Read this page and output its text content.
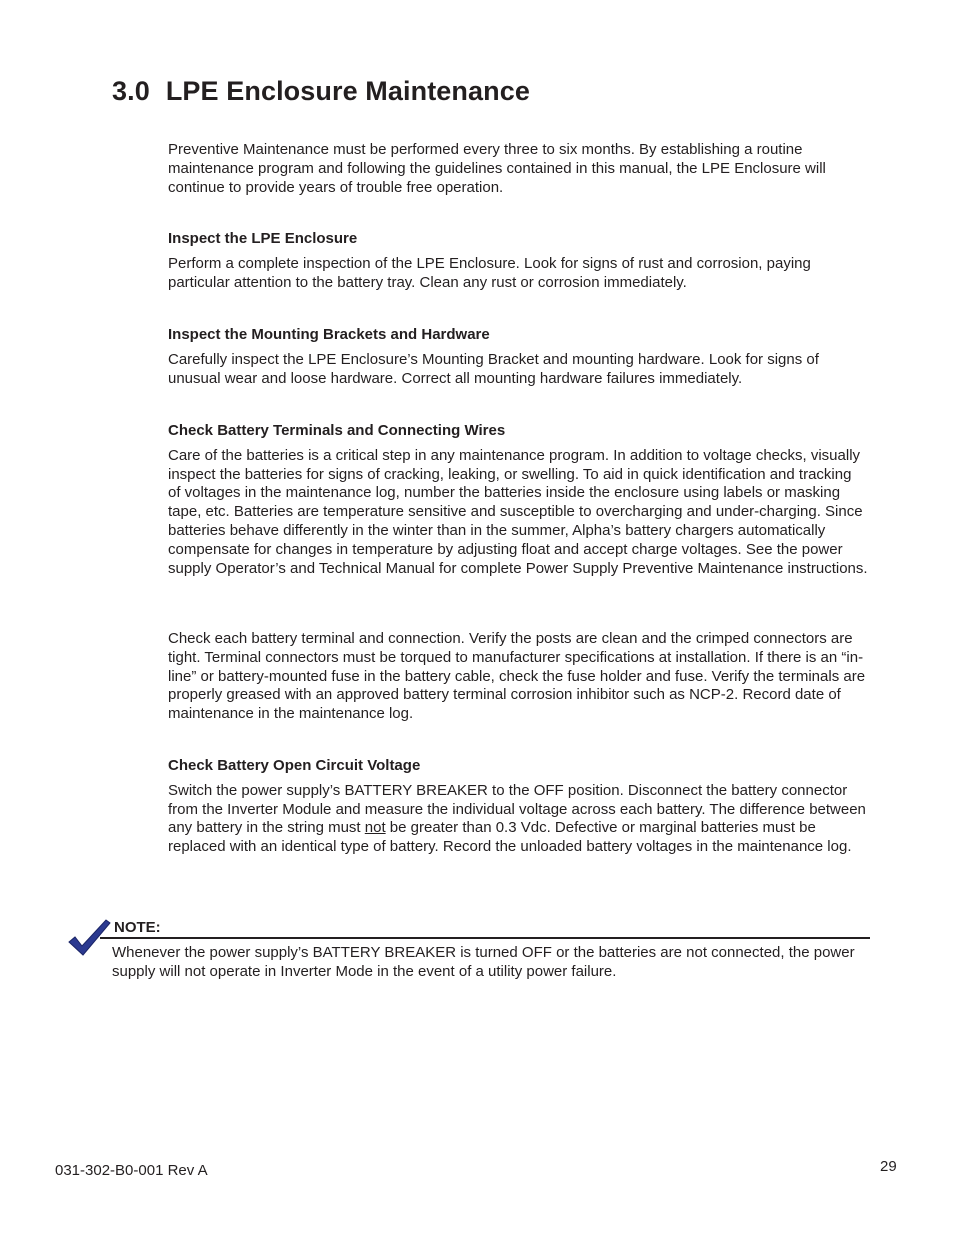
3.0 LPE Enclosure Maintenance

Preventive Maintenance must be performed every three to six months. By establishing a routine maintenance program and following the guidelines contained in this manual, the LPE Enclosure will continue to provide years of trouble free operation.

Inspect the LPE Enclosure

Perform a complete inspection of the LPE Enclosure. Look for signs of rust and corrosion, paying particular attention to the battery tray. Clean any rust or corrosion immediately.

Inspect the Mounting Brackets and Hardware

Carefully inspect the LPE Enclosure’s Mounting Bracket and mounting hardware. Look for signs of unusual wear and loose hardware. Correct all mounting hardware failures immediately.

Check Battery Terminals and Connecting Wires

Care of the batteries is a critical step in any maintenance program. In addition to voltage checks, visually inspect the batteries for signs of cracking, leaking, or swelling. To aid in quick identification and tracking of voltages in the maintenance log, number the batteries inside the enclosure using labels or masking tape, etc. Batteries are temperature sensitive and susceptible to overcharging and under-charging. Since batteries behave differently in the winter than in the summer, Alpha’s battery chargers automatically compensate for changes in temperature by adjusting float and accept charge voltages. See the power supply Operator’s and Technical Manual for complete Power Supply Preventive Maintenance instructions.

Check each battery terminal and connection. Verify the posts are clean and the crimped connectors are tight. Terminal connectors must be torqued to manufacturer specifications at installation. If there is an “in-line” or battery-mounted fuse in the battery cable, check the fuse holder and fuse. Verify the terminals are properly greased with an approved battery terminal corrosion inhibitor such as NCP-2. Record date of maintenance in the maintenance log.

Check Battery Open Circuit Voltage

Switch the power supply’s BATTERY BREAKER to the OFF position. Disconnect the battery connector from the Inverter Module and measure the individual voltage across each battery. The difference between any battery in the string must not be greater than 0.3 Vdc. Defective or marginal batteries must be replaced with an identical type of battery. Record the unloaded battery voltages in the maintenance log.

NOTE:

Whenever the power supply’s BATTERY BREAKER is turned OFF or the batteries are not connected, the power supply will not operate in Inverter Mode in the event of a utility power failure.

031-302-B0-001 Rev A	29
